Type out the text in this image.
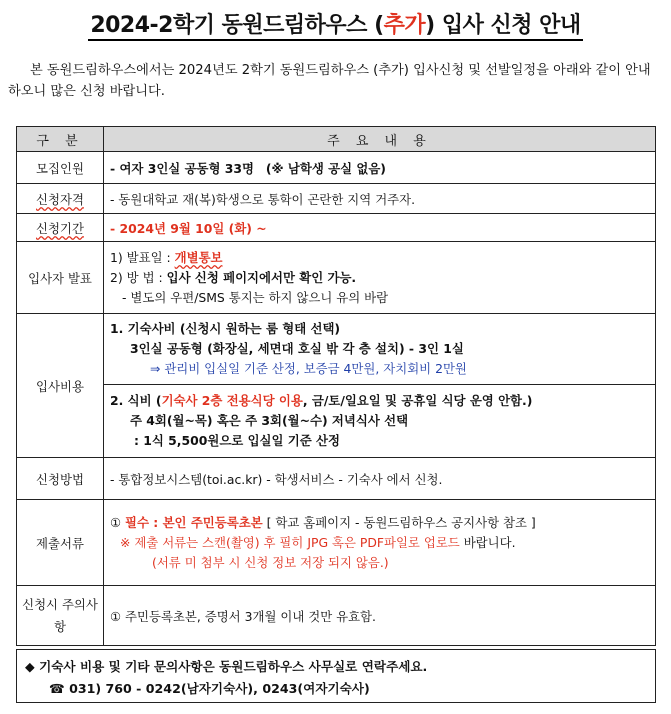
2024-2학기 동원드림하우스 (추가) 입사 신청 안내
본 동원드림하우스에서는 2024년도 2학기 동원드림하우스 (추가) 입사신청 및 선발일정을 아래와 같이 안내하오니 많은 신청 바랍니다.
구 분	주 요 내 용
모집인원	- 여자 3인실 공동형 33명 (※ 남학생 공실 없음)
신청자격	- 동원대학교 재(복)학생으로 통학이 곤란한 지역 거주자.
신청기간	- 2024년 9월 10일 (화) ~
입사자 발표	1) 발표일 : 개별통보
2) 방 법 : 입사 신청 페이지에서만 확인 가능.
- 별도의 우편/SMS 통지는 하지 않으니 유의 바람

입사비용	1. 기숙사비 (신청시 원하는 룸 형태 선택)
3인실 공동형 (화장실, 세면대 호실 밖 각 층 설치) - 3인 1실
⇒ 관리비 입실일 기준 산정, 보증금 4만원, 자치회비 2만원

	2. 식비 (기숙사 2층 전용식당 이용, 금/토/일요일 및 공휴일 식당 운영 안함.)
주 4회(월~목) 혹은 주 3회(월~수) 저녁식사 선택
: 1식 5,500원으로 입실일 기준 산정

신청방법	- 통합정보시스템(toi.ac.kr) - 학생서비스 - 기숙사 에서 신청.
제출서류	① 필수 : 본인 주민등록초본 [ 학교 홈페이지 - 동원드림하우스 공지사항 참조 ]
※ 제출 서류는 스캔(촬영) 후 필히 JPG 혹은 PDF파일로 업로드 바랍니다.
(서류 미 첨부 시 신청 정보 저장 되지 않음.)

신청시 주의사항	① 주민등록초본, 증명서 3개월 이내 것만 유효함.
◆ 기숙사 비용 및 기타 문의사항은 동원드림하우스 사무실로 연락주세요.
☎ 031) 760 - 0242(남자기숙사), 0243(여자기숙사)
